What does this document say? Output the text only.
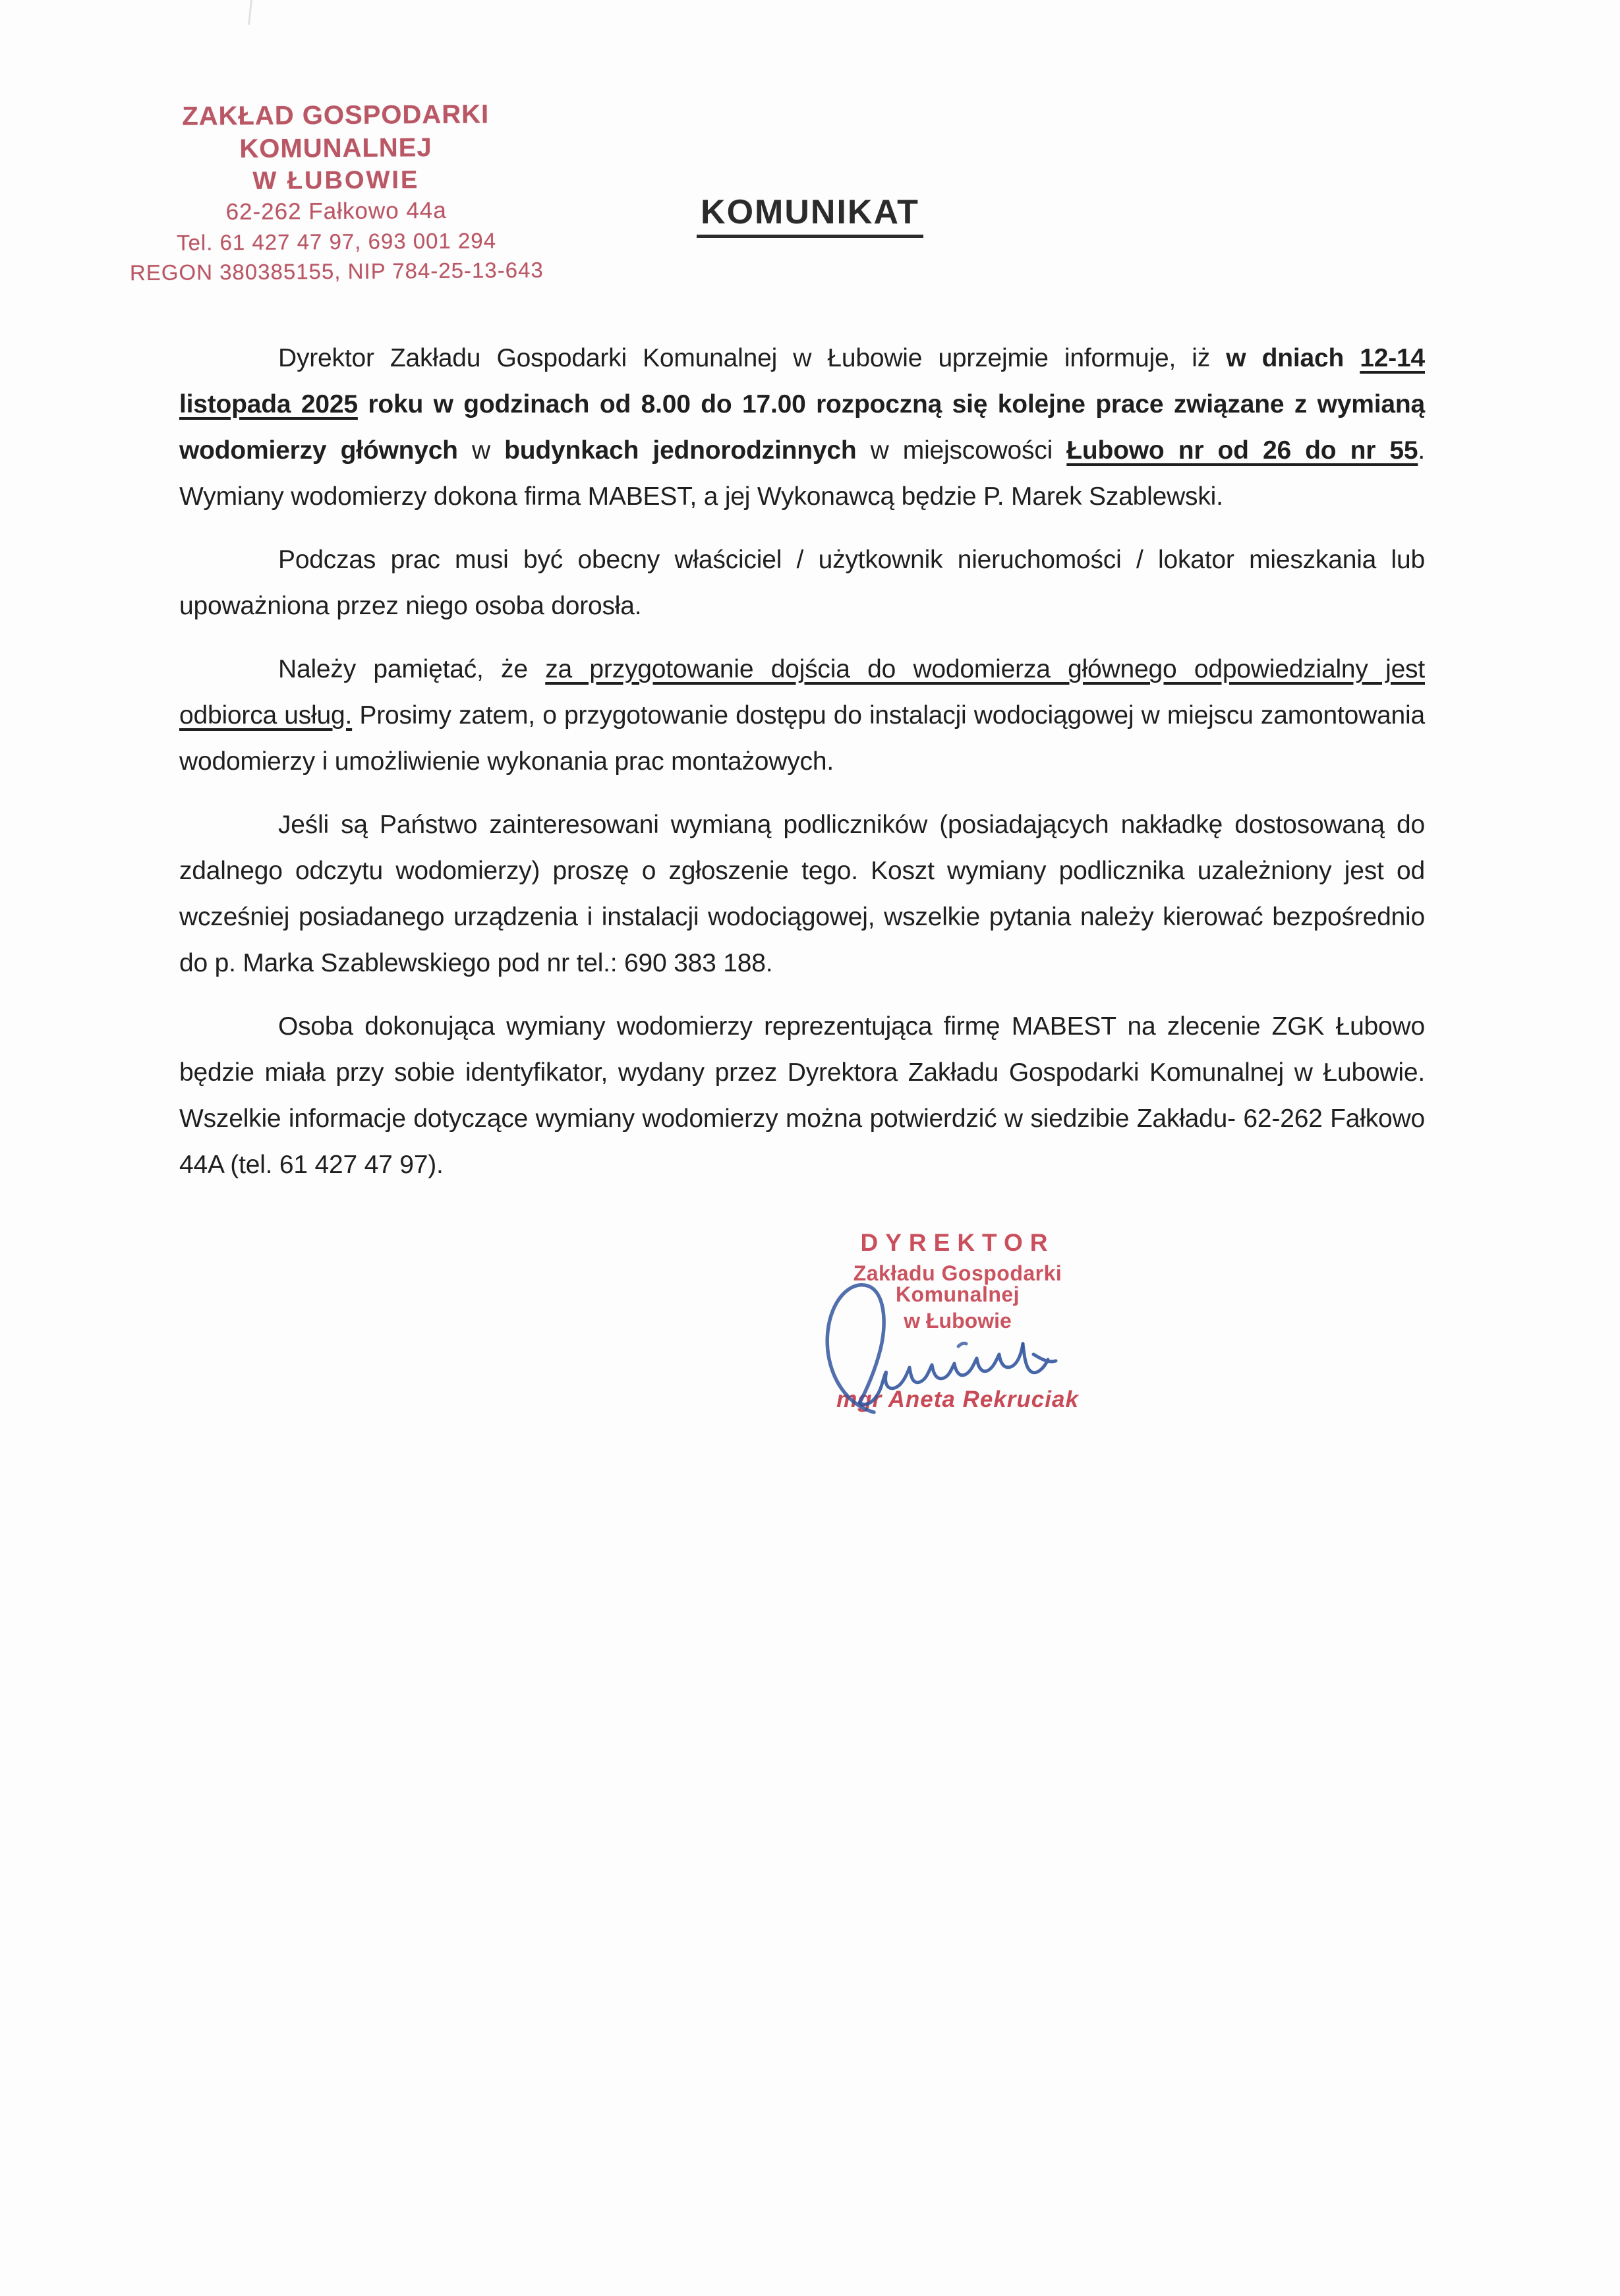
ZAKŁAD GOSPODARKI KOMUNALNEJ
W ŁUBOWIE
62-262 Fałkowo 44a
Tel. 61 427 47 97, 693 001 294
REGON 380385155, NIP 784-25-13-643
KOMUNIKAT

Dyrektor Zakładu Gospodarki Komunalnej w Łubowie uprzejmie informuje, iż w dniach 12-14 listopada 2025 roku w godzinach od 8.00 do 17.00 rozpoczną się kolejne prace związane z wymianą wodomierzy głównych w budynkach jednorodzinnych w miejscowości Łubowo nr od 26 do nr 55. Wymiany wodomierzy dokona firma MABEST, a jej Wykonawcą będzie P. Marek Szablewski.

Podczas prac musi być obecny właściciel / użytkownik nieruchomości / lokator mieszkania lub upoważniona przez niego osoba dorosła.

Należy pamiętać, że za przygotowanie dojścia do wodomierza głównego odpowiedzialny jest odbiorca usług. Prosimy zatem, o przygotowanie dostępu do instalacji wodociągowej w miejscu zamontowania wodomierzy i umożliwienie wykonania prac montażowych.

Jeśli są Państwo zainteresowani wymianą podliczników (posiadających nakładkę dostosowaną do zdalnego odczytu wodomierzy) proszę o zgłoszenie tego. Koszt wymiany podlicznika uzależniony jest od wcześniej posiadanego urządzenia i instalacji wodociągowej, wszelkie pytania należy kierować bezpośrednio do p. Marka Szablewskiego pod nr tel.: 690 383 188.

Osoba dokonująca wymiany wodomierzy reprezentująca firmę MABEST na zlecenie ZGK Łubowo będzie miała przy sobie identyfikator, wydany przez Dyrektora Zakładu Gospodarki Komunalnej w Łubowie. Wszelkie informacje dotyczące wymiany wodomierzy można potwierdzić w siedzibie Zakładu- 62-262 Fałkowo 44A (tel. 61 427 47 97).

DYREKTOR
Zakładu Gospodarki Komunalnej
w Łubowie
mgr Aneta Rekruciak
